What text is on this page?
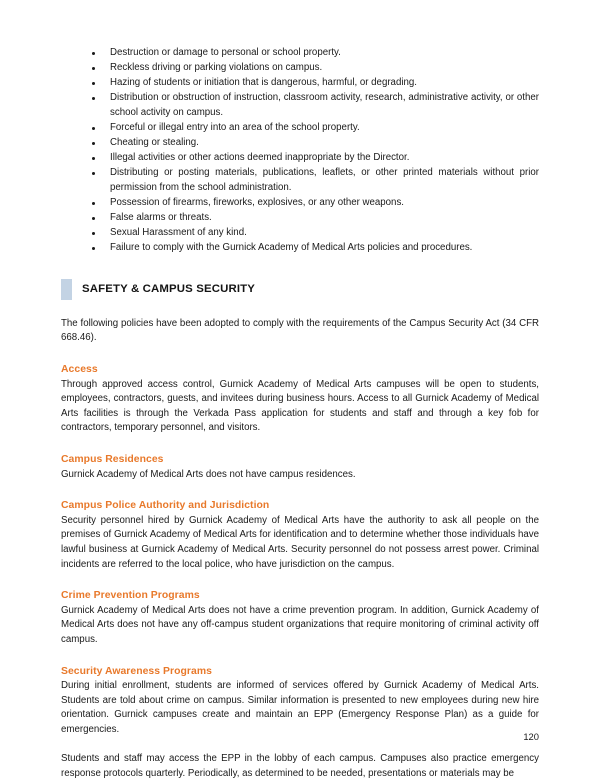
Destruction or damage to personal or school property.
Reckless driving or parking violations on campus.
Hazing of students or initiation that is dangerous, harmful, or degrading.
Distribution or obstruction of instruction, classroom activity, research, administrative activity, or other school activity on campus.
Forceful or illegal entry into an area of the school property.
Cheating or stealing.
Illegal activities or other actions deemed inappropriate by the Director.
Distributing or posting materials, publications, leaflets, or other printed materials without prior permission from the school administration.
Possession of firearms, fireworks, explosives, or any other weapons.
False alarms or threats.
Sexual Harassment of any kind.
Failure to comply with the Gurnick Academy of Medical Arts policies and procedures.
SAFETY & CAMPUS SECURITY

The following policies have been adopted to comply with the requirements of the Campus Security Act (34 CFR 668.46).

Access

Through approved access control, Gurnick Academy of Medical Arts campuses will be open to students, employees, contractors, guests, and invitees during business hours. Access to all Gurnick Academy of Medical Arts facilities is through the Verkada Pass application for students and staff and through a key fob for contractors, temporary personnel, and visitors.

Campus Residences

Gurnick Academy of Medical Arts does not have campus residences.

Campus Police Authority and Jurisdiction

Security personnel hired by Gurnick Academy of Medical Arts have the authority to ask all people on the premises of Gurnick Academy of Medical Arts for identification and to determine whether those individuals have lawful business at Gurnick Academy of Medical Arts. Security personnel do not possess arrest power. Criminal incidents are referred to the local police, who have jurisdiction on the campus.

Crime Prevention Programs

Gurnick Academy of Medical Arts does not have a crime prevention program. In addition, Gurnick Academy of Medical Arts does not have any off-campus student organizations that require monitoring of criminal activity off campus.

Security Awareness Programs

During initial enrollment, students are informed of services offered by Gurnick Academy of Medical Arts. Students are told about crime on campus. Similar information is presented to new employees during new hire orientation. Gurnick campuses create and maintain an EPP (Emergency Response Plan) as a guide for emergencies.

Students and staff may access the EPP in the lobby of each campus. Campuses also practice emergency response protocols quarterly. Periodically, as determined to be needed, presentations or materials may be

120
